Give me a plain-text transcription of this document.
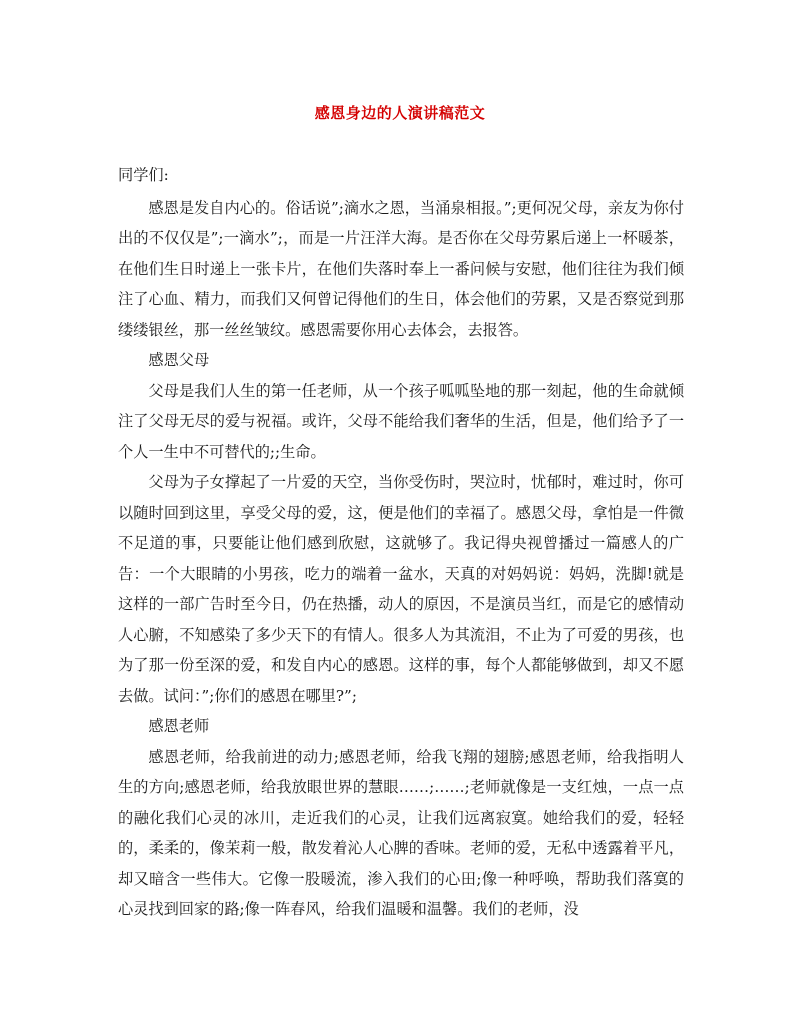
感恩身边的人演讲稿范文

同学们:

感恩是发自内心的。俗话说”;滴水之恩，当涌泉相报。”;更何况父母，亲友为你付出的不仅仅是”;一滴水”;，而是一片汪洋大海。是否你在父母劳累后递上一杯暖茶，在他们生日时递上一张卡片，在他们失落时奉上一番问候与安慰，他们往往为我们倾注了心血、精力，而我们又何曾记得他们的生日，体会他们的劳累，又是否察觉到那缕缕银丝，那一丝丝皱纹。感恩需要你用心去体会，去报答。

感恩父母

父母是我们人生的第一任老师，从一个孩子呱呱坠地的那一刻起，他的生命就倾注了父母无尽的爱与祝福。或许，父母不能给我们奢华的生活，但是，他们给予了一个人一生中不可替代的;;生命。

父母为子女撑起了一片爱的天空，当你受伤时，哭泣时，忧郁时，难过时，你可以随时回到这里，享受父母的爱，这，便是他们的幸福了。感恩父母，拿怕是一件微不足道的事，只要能让他们感到欣慰，这就够了。我记得央视曾播过一篇感人的广告：一个大眼睛的小男孩，吃力的端着一盆水，天真的对妈妈说：妈妈，洗脚!就是这样的一部广告时至今日，仍在热播，动人的原因，不是演员当红，而是它的感情动人心腑，不知感染了多少天下的有情人。很多人为其流泪，不止为了可爱的男孩，也为了那一份至深的爱，和发自内心的感恩。这样的事，每个人都能够做到，却又不愿去做。试问：”;你们的感恩在哪里?”;

感恩老师

感恩老师，给我前进的动力;感恩老师，给我飞翔的翅膀;感恩老师，给我指明人生的方向;感恩老师，给我放眼世界的慧眼……;……;老师就像是一支红烛，一点一点的融化我们心灵的冰川，走近我们的心灵，让我们远离寂寞。她给我们的爱，轻轻的，柔柔的，像茉莉一般，散发着沁人心脾的香味。老师的爱，无私中透露着平凡，却又暗含一些伟大。它像一股暖流，渗入我们的心田;像一种呼唤，帮助我们落寞的心灵找到回家的路;像一阵春风，给我们温暖和温馨。我们的老师，没
